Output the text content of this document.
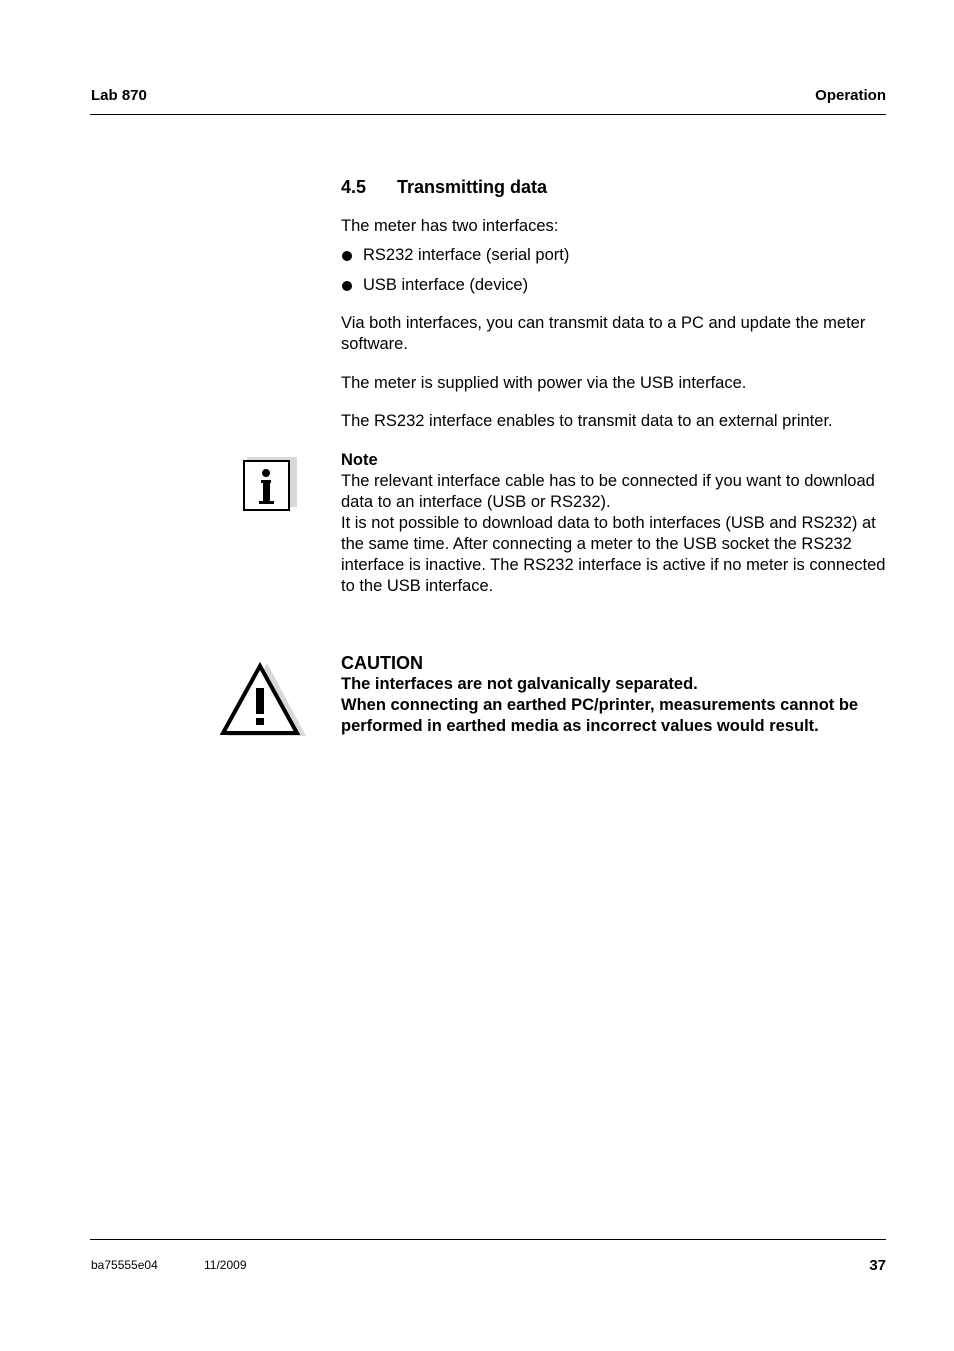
Lab 870	Operation
4.5 Transmitting data
The meter has two interfaces:
RS232 interface (serial port)
USB interface (device)
Via both interfaces, you can transmit data to a PC and update the meter software.
The meter is supplied with power via the USB interface.
The RS232 interface enables to transmit data to an external printer.
Note
The relevant interface cable has to be connected if you want to download data to an interface (USB or RS232).
It is not possible to download data to both interfaces (USB and RS232) at the same time. After connecting a meter to the USB socket the RS232 interface is inactive. The RS232 interface is active if no meter is connected to the USB interface.
CAUTION
The interfaces are not galvanically separated.
When connecting an earthed PC/printer, measurements cannot be performed in earthed media as incorrect values would result.
ba75555e04	11/2009	37
